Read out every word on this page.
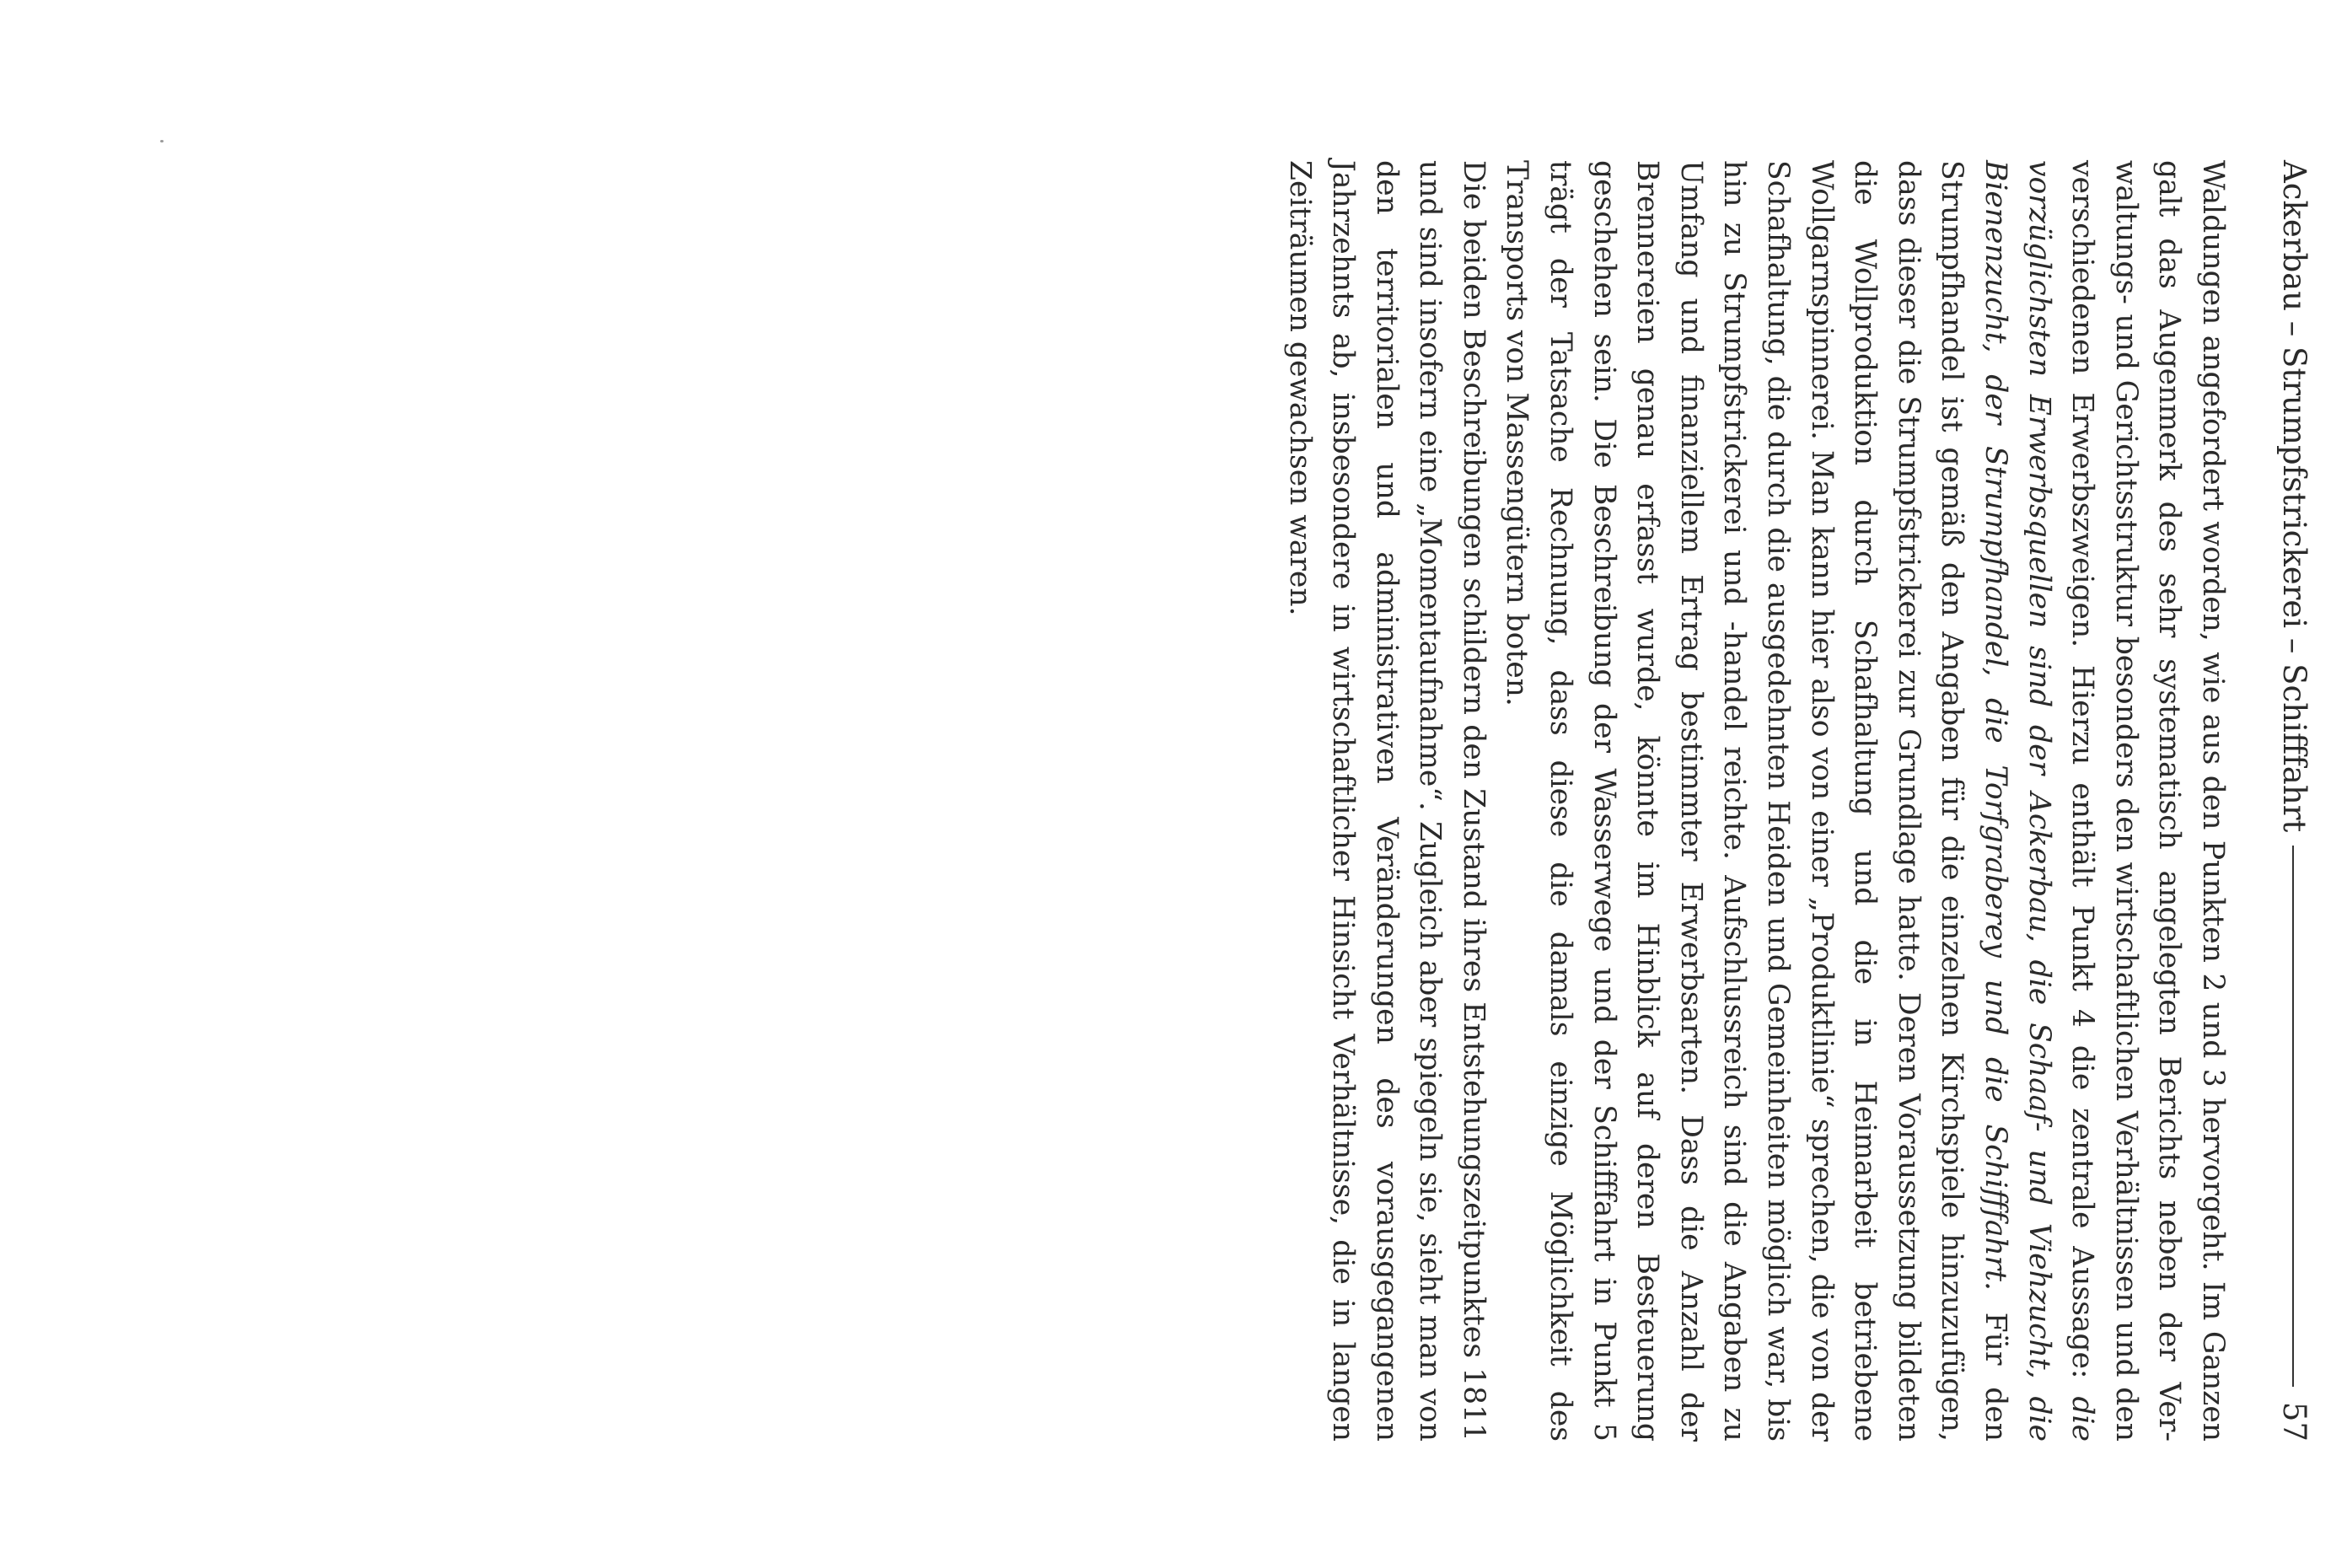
Ackerbau – Strumpfstrickerei – Schifffahrt
57

Waldungen angefordert worden, wie aus den Punkten 2 und 3 hervorgeht. Im Ganzen galt das Augenmerk des sehr systematisch angelegten Berichts neben der Verwaltungs- und Gerichtsstruktur besonders den wirtschaftlichen Verhältnissen und den verschiedenen Erwerbszweigen. Hierzu enthält Punkt 4 die zentrale Aussage: die vorzüglichsten Erwerbsquellen sind der Ackerbau, die Schaaf- und Viehzucht, die Bienenzucht, der Strumpfhandel, die Torfgraberey und die Schifffahrt. Für den Strumpfhandel ist gemäß den Angaben für die einzelnen Kirchspiele hinzuzufügen, dass dieser die Strumpfstrickerei zur Grundlage hatte. Deren Voraussetzung bildeten die Wollproduktion durch Schafhaltung und die in Heimarbeit betriebene Wollgarnspinnerei. Man kann hier also von einer „Produktlinie“ sprechen, die von der Schafhaltung, die durch die ausgedehnten Heiden und Gemeinheiten möglich war, bis hin zu Strumpfstrickerei und -handel reichte. Aufschlussreich sind die Angaben zu Umfang und finanziellem Ertrag bestimmter Erwerbsarten. Dass die Anzahl der Brennereien genau erfasst wurde, könnte im Hinblick auf deren Besteuerung geschehen sein. Die Beschreibung der Wasserwege und der Schifffahrt in Punkt 5 trägt der Tatsache Rechnung, dass diese die damals einzige Möglichkeit des Transports von Massengütern boten.

Die beiden Beschreibungen schildern den Zustand ihres Entstehungszeitpunktes 1811 und sind insofern eine „Momentaufnahme“. Zugleich aber spiegeln sie, sieht man von den territorialen und administrativen Veränderungen des vorausgegangenen Jahrzehnts ab, insbesondere in wirtschaftlicher Hinsicht Verhältnisse, die in langen Zeiträumen gewachsen waren.
